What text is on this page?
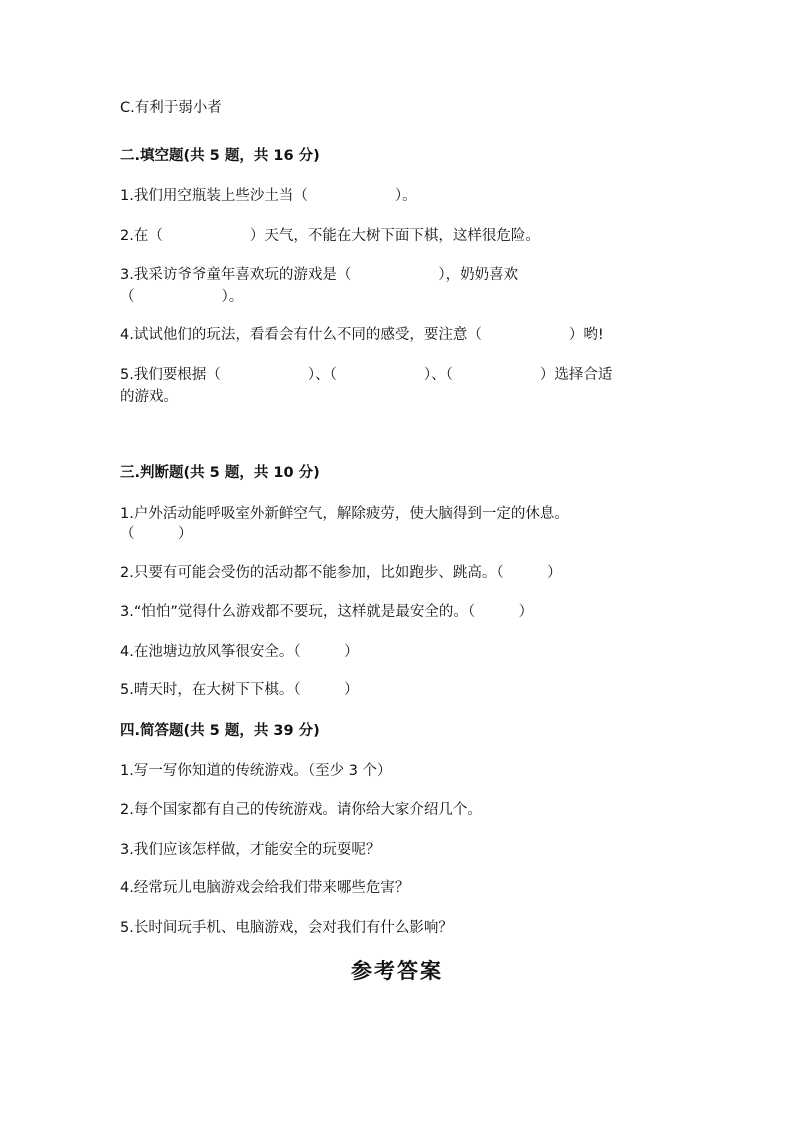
C.有利于弱小者
二.填空题(共 5 题，共 16 分)
1.我们用空瓶装上些沙土当（　　　　　　）。
2.在（　　　　　　）天气，不能在大树下面下棋，这样很危险。
3.我采访爷爷童年喜欢玩的游戏是（　　　　　　），奶奶喜欢
（　　　　　　）。
4.试试他们的玩法，看看会有什么不同的感受，要注意（　　　　　　）哟!
5.我们要根据（　　　　　　）、（　　　　　　）、（　　　　　　）选择合适
的游戏。
三.判断题(共 5 题，共 10 分)
1.户外活动能呼吸室外新鲜空气，解除疲劳，使大脑得到一定的休息。
（　　　）
2.只要有可能会受伤的活动都不能参加，比如跑步、跳高。（　　　）
3.“怕怕”觉得什么游戏都不要玩，这样就是最安全的。（　　　）
4.在池塘边放风筝很安全。（　　　）
5.晴天时，在大树下下棋。（　　　）
四.简答题(共 5 题，共 39 分)
1.写一写你知道的传统游戏。（至少 3 个）
2.每个国家都有自己的传统游戏。请你给大家介绍几个。
3.我们应该怎样做，才能安全的玩耍呢？
4.经常玩儿电脑游戏会给我们带来哪些危害？
5.长时间玩手机、电脑游戏，会对我们有什么影响？
参考答案
